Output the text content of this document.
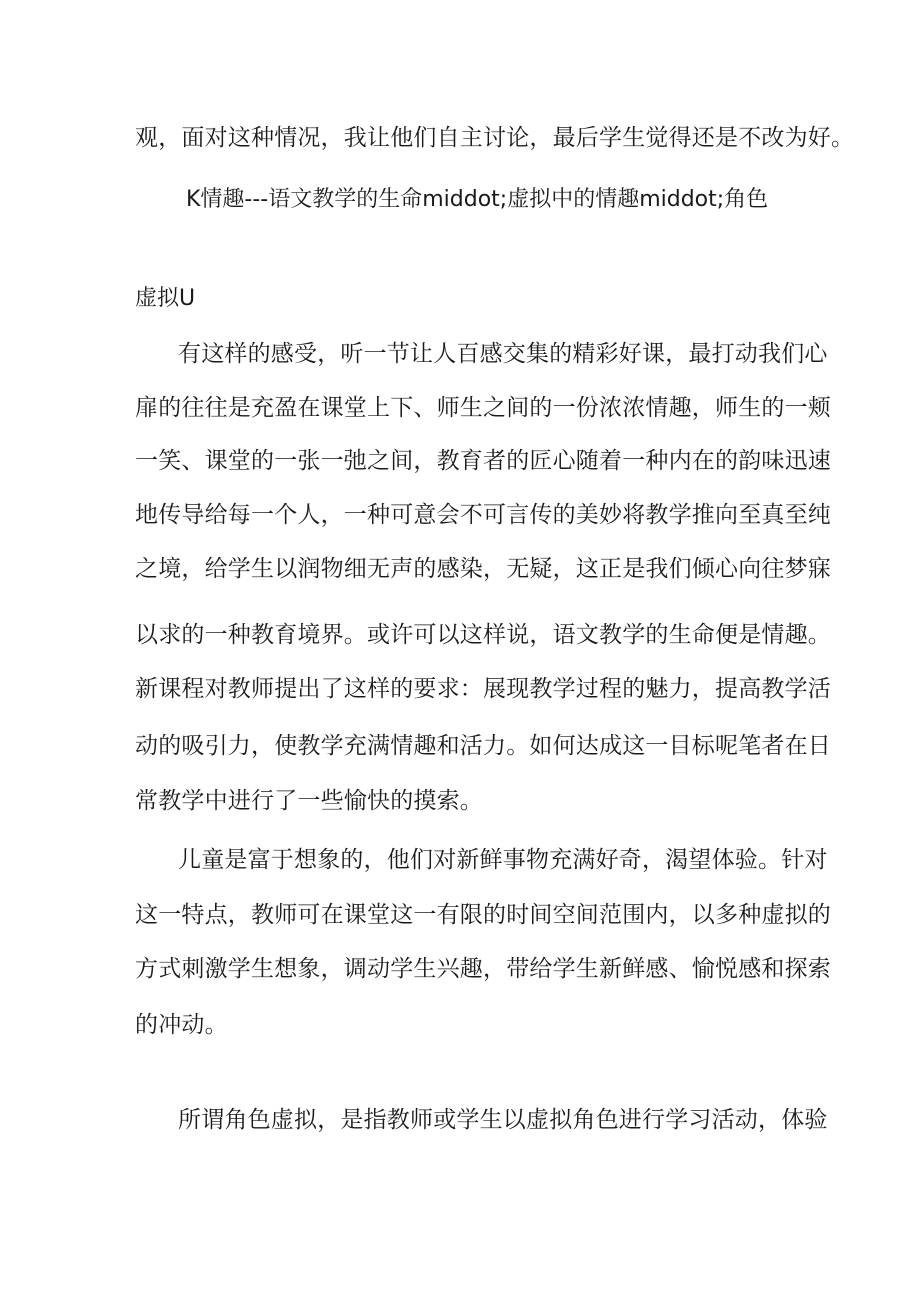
观，面对这种情况，我让他们自主讨论，最后学生觉得还是不改为好。

K情趣---语文教学的生命middot;虚拟中的情趣middot;角色

虚拟U

有这样的感受，听一节让人百感交集的精彩好课，最打动我们心

扉的往往是充盈在课堂上下、师生之间的一份浓浓情趣，师生的一颊

一笑、课堂的一张一弛之间，教育者的匠心随着一种内在的韵味迅速

地传导给每一个人，一种可意会不可言传的美妙将教学推向至真至纯

之境，给学生以润物细无声的感染，无疑，这正是我们倾心向往梦寐

以求的一种教育境界。或许可以这样说，语文教学的生命便是情趣。

新课程对教师提出了这样的要求：展现教学过程的魅力，提高教学活

动的吸引力，使教学充满情趣和活力。如何达成这一目标呢笔者在日

常教学中进行了一些愉快的摸索。

儿童是富于想象的，他们对新鲜事物充满好奇，渴望体验。针对

这一特点，教师可在课堂这一有限的时间空间范围内，以多种虚拟的

方式刺激学生想象，调动学生兴趣，带给学生新鲜感、愉悦感和探索

的冲动。

所谓角色虚拟，是指教师或学生以虚拟角色进行学习活动，体验
